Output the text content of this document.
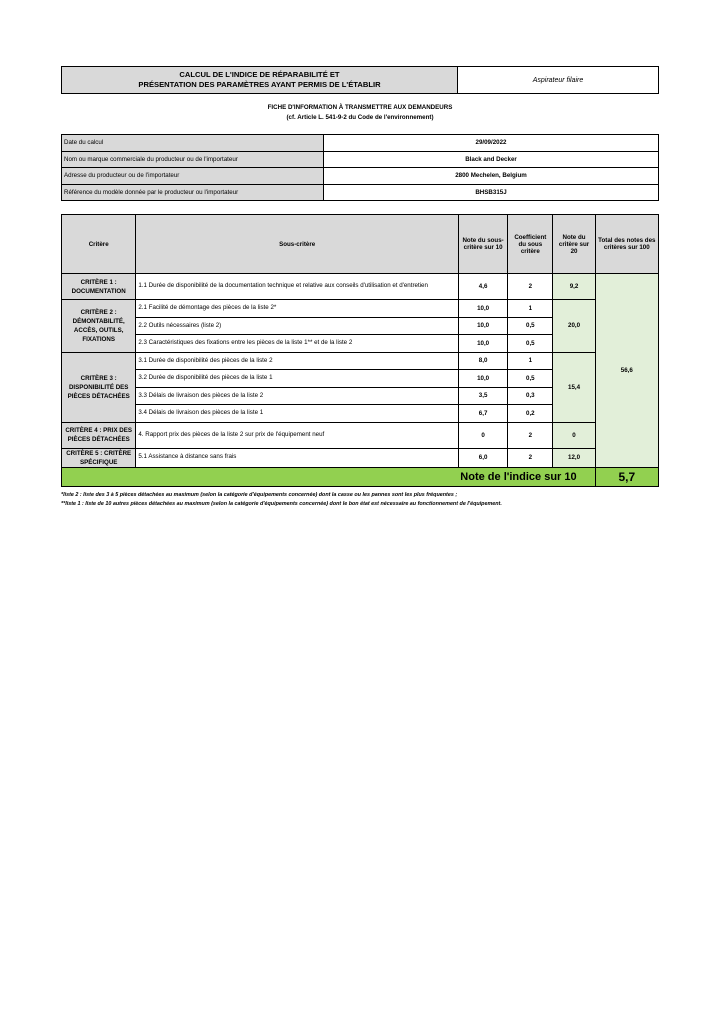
CALCUL DE L'INDICE DE RÉPARABILITÉ ET
PRÉSENTATION DES PARAMÈTRES AYANT PERMIS DE L'ÉTABLIR	Aspirateur filaire
FICHE D'INFORMATION À TRANSMETTRE AUX DEMANDEURS
(cf. Article L. 541-9-2 du Code de l'environnement)
Date du calcul	29/09/2022
Nom ou marque commerciale du producteur ou de l'importateur	Black and Decker
Adresse du producteur ou de l'importateur	2800 Mechelen, Belgium
Référence du modèle donnée par le producteur ou l'importateur	BHSB315J
Critère	Sous-critère	Note du sous-critère sur 10	Coefficient du sous critère	Note du critère sur 20	Total des notes des critères sur 100
CRITÈRE 1 : DOCUMENTATION	1.1 Durée de disponibilité de la documentation technique et relative aux conseils d'utilisation et d'entretien	4,6	2	9,2	56,6
CRITÈRE 2 : DÉMONTABILITÉ, ACCÈS, OUTILS, FIXATIONS	2.1 Facilité de démontage des pièces de la liste 2*	10,0	1	20,0	
	2.2 Outils nécessaires (liste 2)	10,0	0,5		
	2.3 Caractéristiques des fixations entre les pièces de la liste 1** et de la liste 2	10,0	0,5		
CRITÈRE 3 : DISPONIBILITÉ DES PIÈCES DÉTACHÉES	3.1 Durée de disponibilité des pièces de la liste 2	8,0	1	15,4	
	3.2 Durée de disponibilité des pièces de la liste 1	10,0	0,5		
	3.3 Délais de livraison des pièces de la liste 2	3,5	0,3		
	3.4 Délais de livraison des pièces de la liste 1	6,7	0,2		
CRITÈRE 4 : PRIX DES PIÈCES DÉTACHÉES	4. Rapport prix des pièces de la liste 2 sur prix de l'équipement neuf	0	2	0	
CRITÈRE 5 : CRITÈRE SPÉCIFIQUE	5.1 Assistance à distance sans frais	6,0	2	12,0	
Note de l'indice sur 10					5,7
*liste 2 : liste des 3 à 5 pièces détachées au maximum (selon la catégorie d'équipements concernée) dont la casse ou les pannes sont les plus fréquentes ;
**liste 1 : liste de 10 autres pièces détachées au maximum (selon la catégorie d'équipements concernée) dont le bon état est nécessaire au fonctionnement de l'équipement.
